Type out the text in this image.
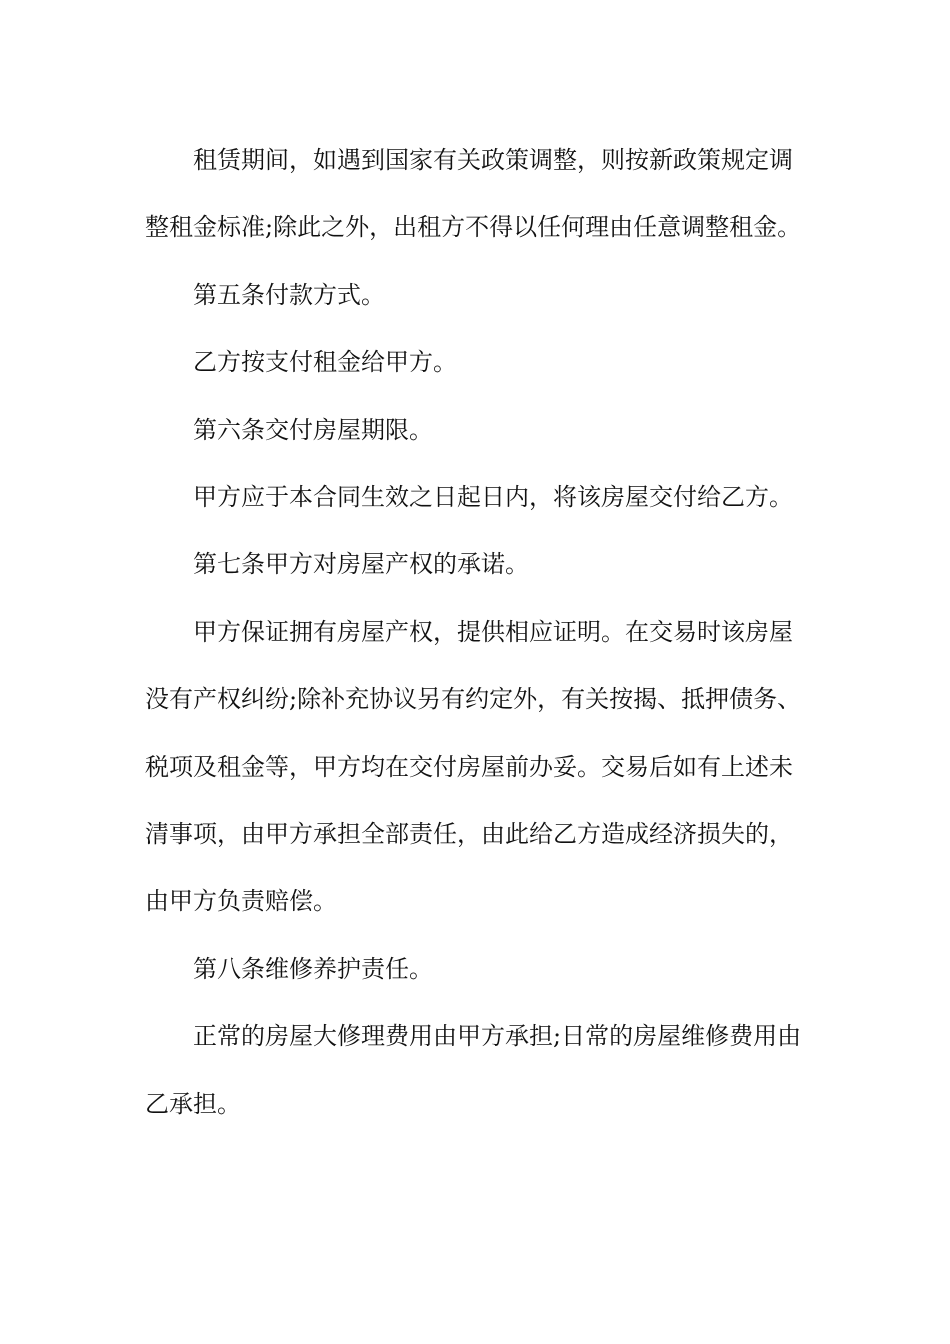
租赁期间，如遇到国家有关政策调整，则按新政策规定调
整租金标准;除此之外，出租方不得以任何理由任意调整租金。

第五条付款方式。

乙方按支付租金给甲方。

第六条交付房屋期限。

甲方应于本合同生效之日起日内，将该房屋交付给乙方。

第七条甲方对房屋产权的承诺。

甲方保证拥有房屋产权，提供相应证明。在交易时该房屋
没有产权纠纷;除补充协议另有约定外，有关按揭、抵押债务、
税项及租金等，甲方均在交付房屋前办妥。交易后如有上述未
清事项，由甲方承担全部责任，由此给乙方造成经济损失的，
由甲方负责赔偿。

第八条维修养护责任。

正常的房屋大修理费用由甲方承担;日常的房屋维修费用由
乙承担。
